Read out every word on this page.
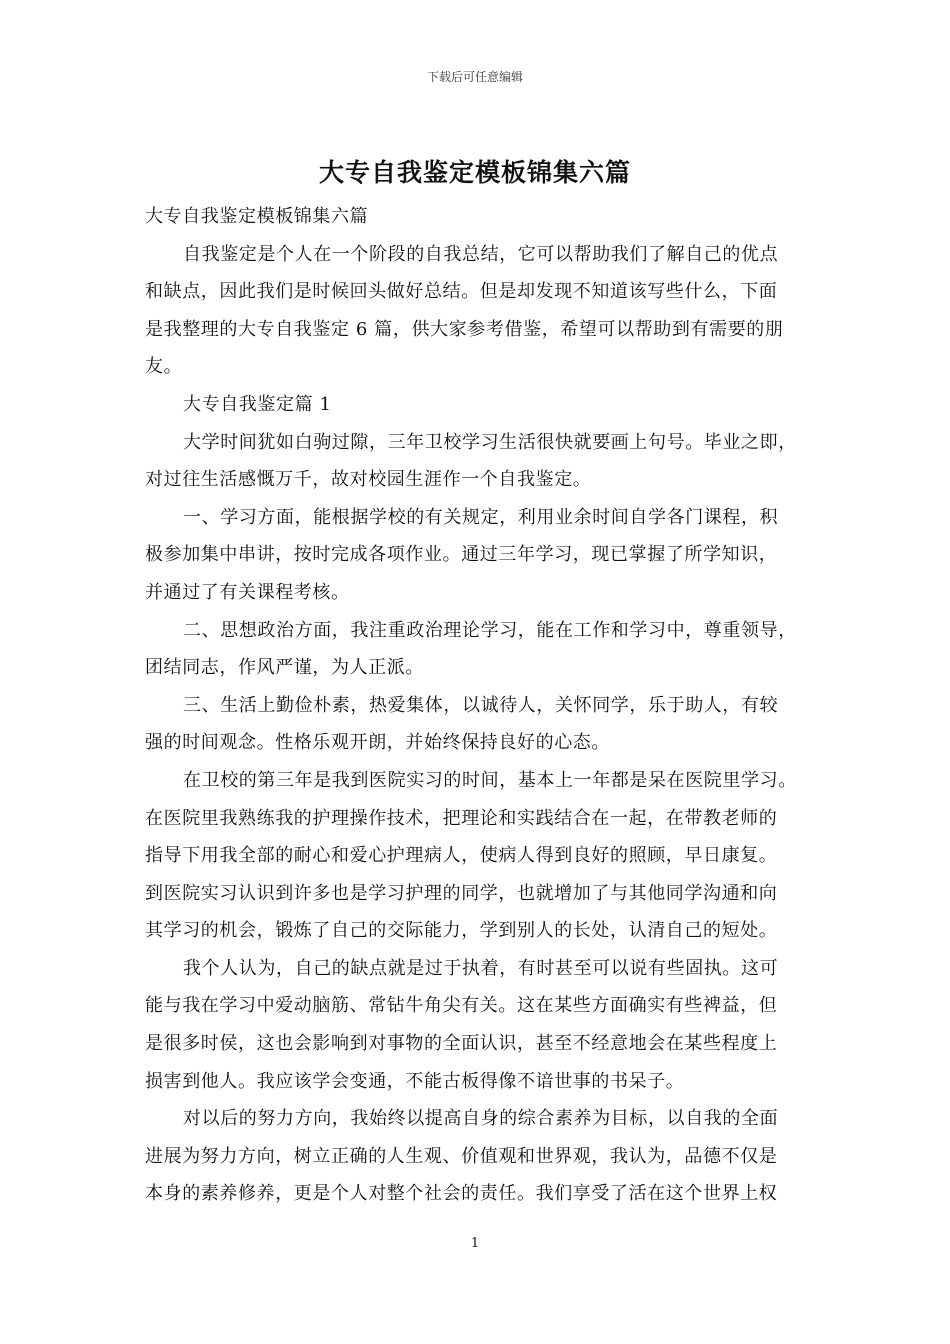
下载后可任意编辑
大专自我鉴定模板锦集六篇
大专自我鉴定模板锦集六篇
自我鉴定是个人在一个阶段的自我总结，它可以帮助我们了解自己的优点
和缺点，因此我们是时候回头做好总结。但是却发现不知道该写些什么，下面
是我整理的大专自我鉴定 6 篇，供大家参考借鉴，希望可以帮助到有需要的朋
友。
大专自我鉴定篇 1
大学时间犹如白驹过隙，三年卫校学习生活很快就要画上句号。毕业之即，
对过往生活感慨万千，故对校园生涯作一个自我鉴定。
一、学习方面，能根据学校的有关规定，利用业余时间自学各门课程，积
极参加集中串讲，按时完成各项作业。通过三年学习，现已掌握了所学知识，
并通过了有关课程考核。
二、思想政治方面，我注重政治理论学习，能在工作和学习中，尊重领导，
团结同志，作风严谨，为人正派。
三、生活上勤俭朴素，热爱集体，以诚待人，关怀同学，乐于助人，有较
强的时间观念。性格乐观开朗，并始终保持良好的心态。
在卫校的第三年是我到医院实习的时间，基本上一年都是呆在医院里学习。
在医院里我熟练我的护理操作技术，把理论和实践结合在一起，在带教老师的
指导下用我全部的耐心和爱心护理病人，使病人得到良好的照顾，早日康复。
到医院实习认识到许多也是学习护理的同学，也就增加了与其他同学沟通和向
其学习的机会，锻炼了自己的交际能力，学到别人的长处，认清自己的短处。
我个人认为，自己的缺点就是过于执着，有时甚至可以说有些固执。这可
能与我在学习中爱动脑筋、常钻牛角尖有关。这在某些方面确实有些裨益，但
是很多时侯，这也会影响到对事物的全面认识，甚至不经意地会在某些程度上
损害到他人。我应该学会变通，不能古板得像不谙世事的书呆子。
对以后的努力方向，我始终以提高自身的综合素养为目标，以自我的全面
进展为努力方向，树立正确的人生观、价值观和世界观，我认为，品德不仅是
本身的素养修养，更是个人对整个社会的责任。我们享受了活在这个世界上权
1
